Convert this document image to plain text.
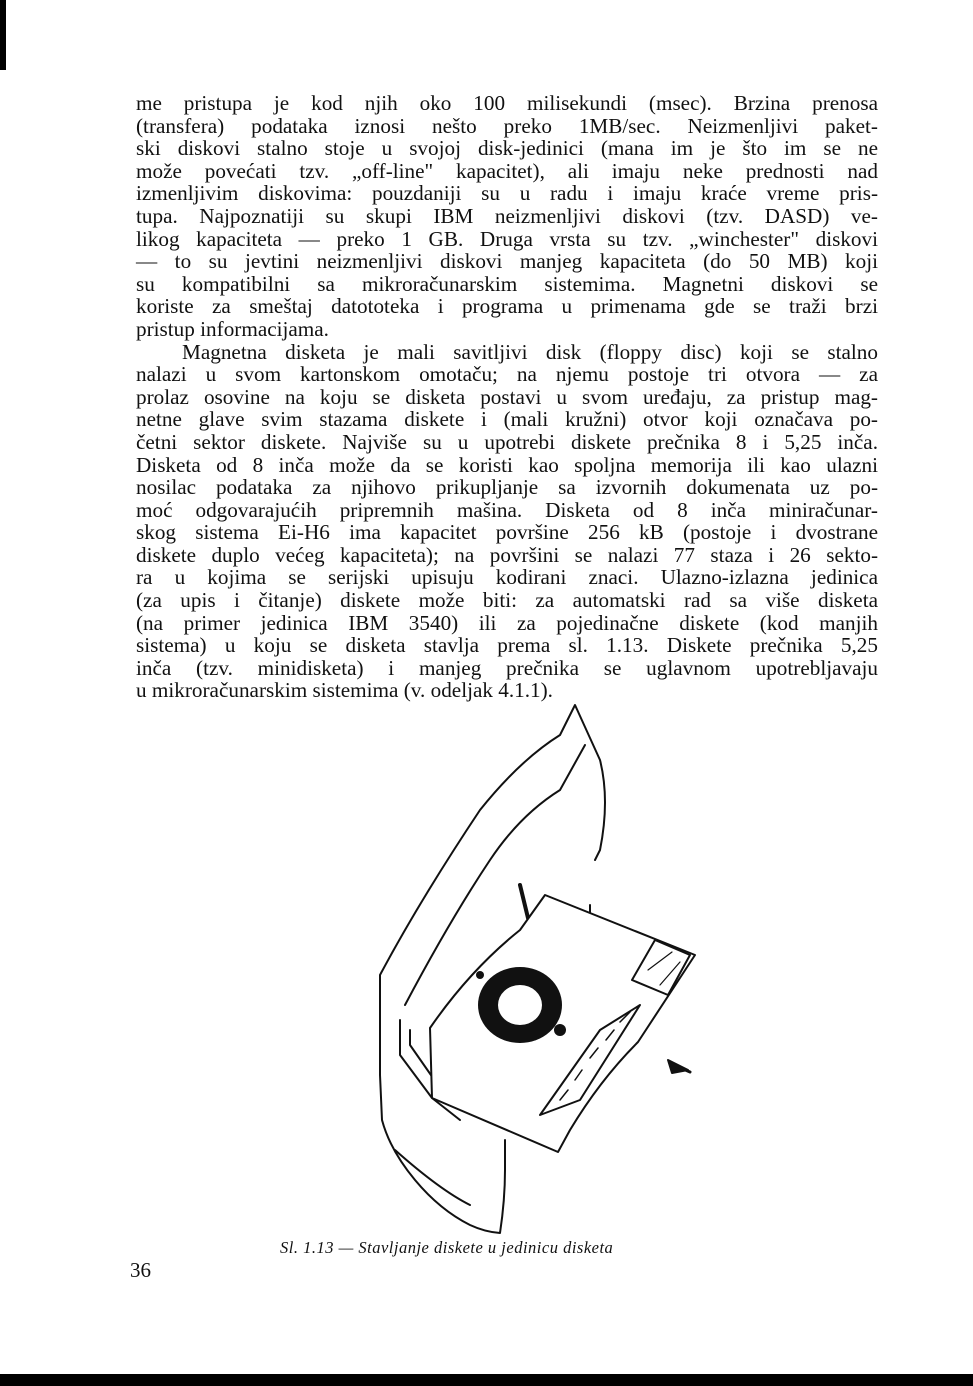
me pristupa je kod njih oko 100 milisekundi (msec). Brzina prenosa
(transfera) podataka iznosi nešto preko 1MB/sec. Neizmenljivi paket-
ski diskovi stalno stoje u svojoj disk-jedinici (mana im je što im se ne
može povećati tzv. „off-line" kapacitet), ali imaju neke prednosti nad
izmenljivim diskovima: pouzdaniji su u radu i imaju kraće vreme pris-
tupa. Najpoznatiji su skupi IBM neizmenljivi diskovi (tzv. DASD) ve-
likog kapaciteta — preko 1 GB. Druga vrsta su tzv. „winchester" diskovi
— to su jevtini neizmenljivi diskovi manjeg kapaciteta (do 50 MB) koji
su kompatibilni sa mikroračunarskim sistemima. Magnetni diskovi se
koriste za smeštaj datototeka i programa u primenama gde se traži brzi
pristup informacijama.
Magnetna disketa je mali savitljivi disk (floppy disc) koji se stalno
nalazi u svom kartonskom omotaču; na njemu postoje tri otvora — za
prolaz osovine na koju se disketa postavi u svom uređaju, za pristup mag-
netne glave svim stazama diskete i (mali kružni) otvor koji označava po-
četni sektor diskete. Najviše su u upotrebi diskete prečnika 8 i 5,25 inča.
Disketa od 8 inča može da se koristi kao spoljna memorija ili kao ulazni
nosilac podataka za njihovo prikupljanje sa izvornih dokumenata uz po-
moć odgovarajućih pripremnih mašina. Disketa od 8 inča miniračunar-
skog sistema Ei-H6 ima kapacitet površine 256 kB (postoje i dvostrane
diskete duplo većeg kapaciteta); na površini se nalazi 77 staza i 26 sekto-
ra u kojima se serijski upisuju kodirani znaci. Ulazno-izlazna jedinica
(za upis i čitanje) diskete može biti: za automatski rad sa više disketa
(na primer jedinica IBM 3540) ili za pojedinačne diskete (kod manjih
sistema) u koju se disketa stavlja prema sl. 1.13. Diskete prečnika 5,25
inča (tzv. minidisketa) i manjeg prečnika se uglavnom upotrebljavaju
u mikroračunarskim sistemima (v. odeljak 4.1.1).
Sl. 1.13 — Stavljanje diskete u jedinicu disketa
36
